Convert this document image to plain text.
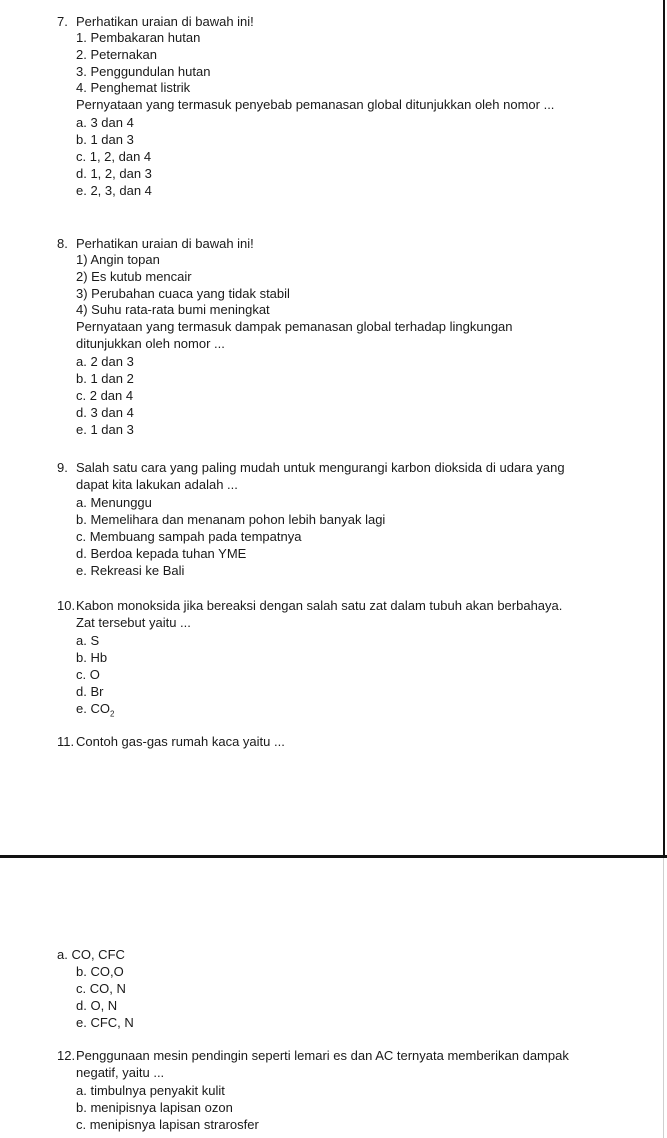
7. Perhatikan uraian di bawah ini!
1. Pembakaran hutan
2. Peternakan
3. Penggundulan hutan
4. Penghemat listrik
Pernyataan yang termasuk penyebab pemanasan global ditunjukkan oleh nomor ...
a. 3 dan 4
b. 1 dan 3
c. 1, 2, dan 4
d. 1, 2, dan 3
e. 2, 3, dan 4
8. Perhatikan uraian di bawah ini!
1) Angin topan
2) Es kutub mencair
3) Perubahan cuaca yang tidak stabil
4) Suhu rata-rata bumi meningkat
Pernyataan yang termasuk dampak pemanasan global terhadap lingkungan ditunjukkan oleh nomor ...
a. 2 dan 3
b. 1 dan 2
c. 2 dan 4
d. 3 dan 4
e. 1 dan 3
9. Salah satu cara yang paling mudah untuk mengurangi karbon dioksida di udara yang dapat kita lakukan adalah ...
a. Menunggu
b. Memelihara dan menanam pohon lebih banyak lagi
c. Membuang sampah pada tempatnya
d. Berdoa kepada tuhan YME
e. Rekreasi ke Bali
10. Kabon monoksida jika bereaksi dengan salah satu zat dalam tubuh akan berbahaya. Zat tersebut yaitu ...
a. S
b. Hb
c. O
d. Br
e. $CO_2$
11. Contoh gas-gas rumah kaca yaitu ...
a. CO, CFC
b. CO,O
c. CO, N
d. O, N
e. CFC, N
12. Penggunaan mesin pendingin seperti lemari es dan AC ternyata memberikan dampak negatif, yaitu ...
a. timbulnya penyakit kulit
b. menipisnya lapisan ozon
c. menipisnya lapisan strarosfer
